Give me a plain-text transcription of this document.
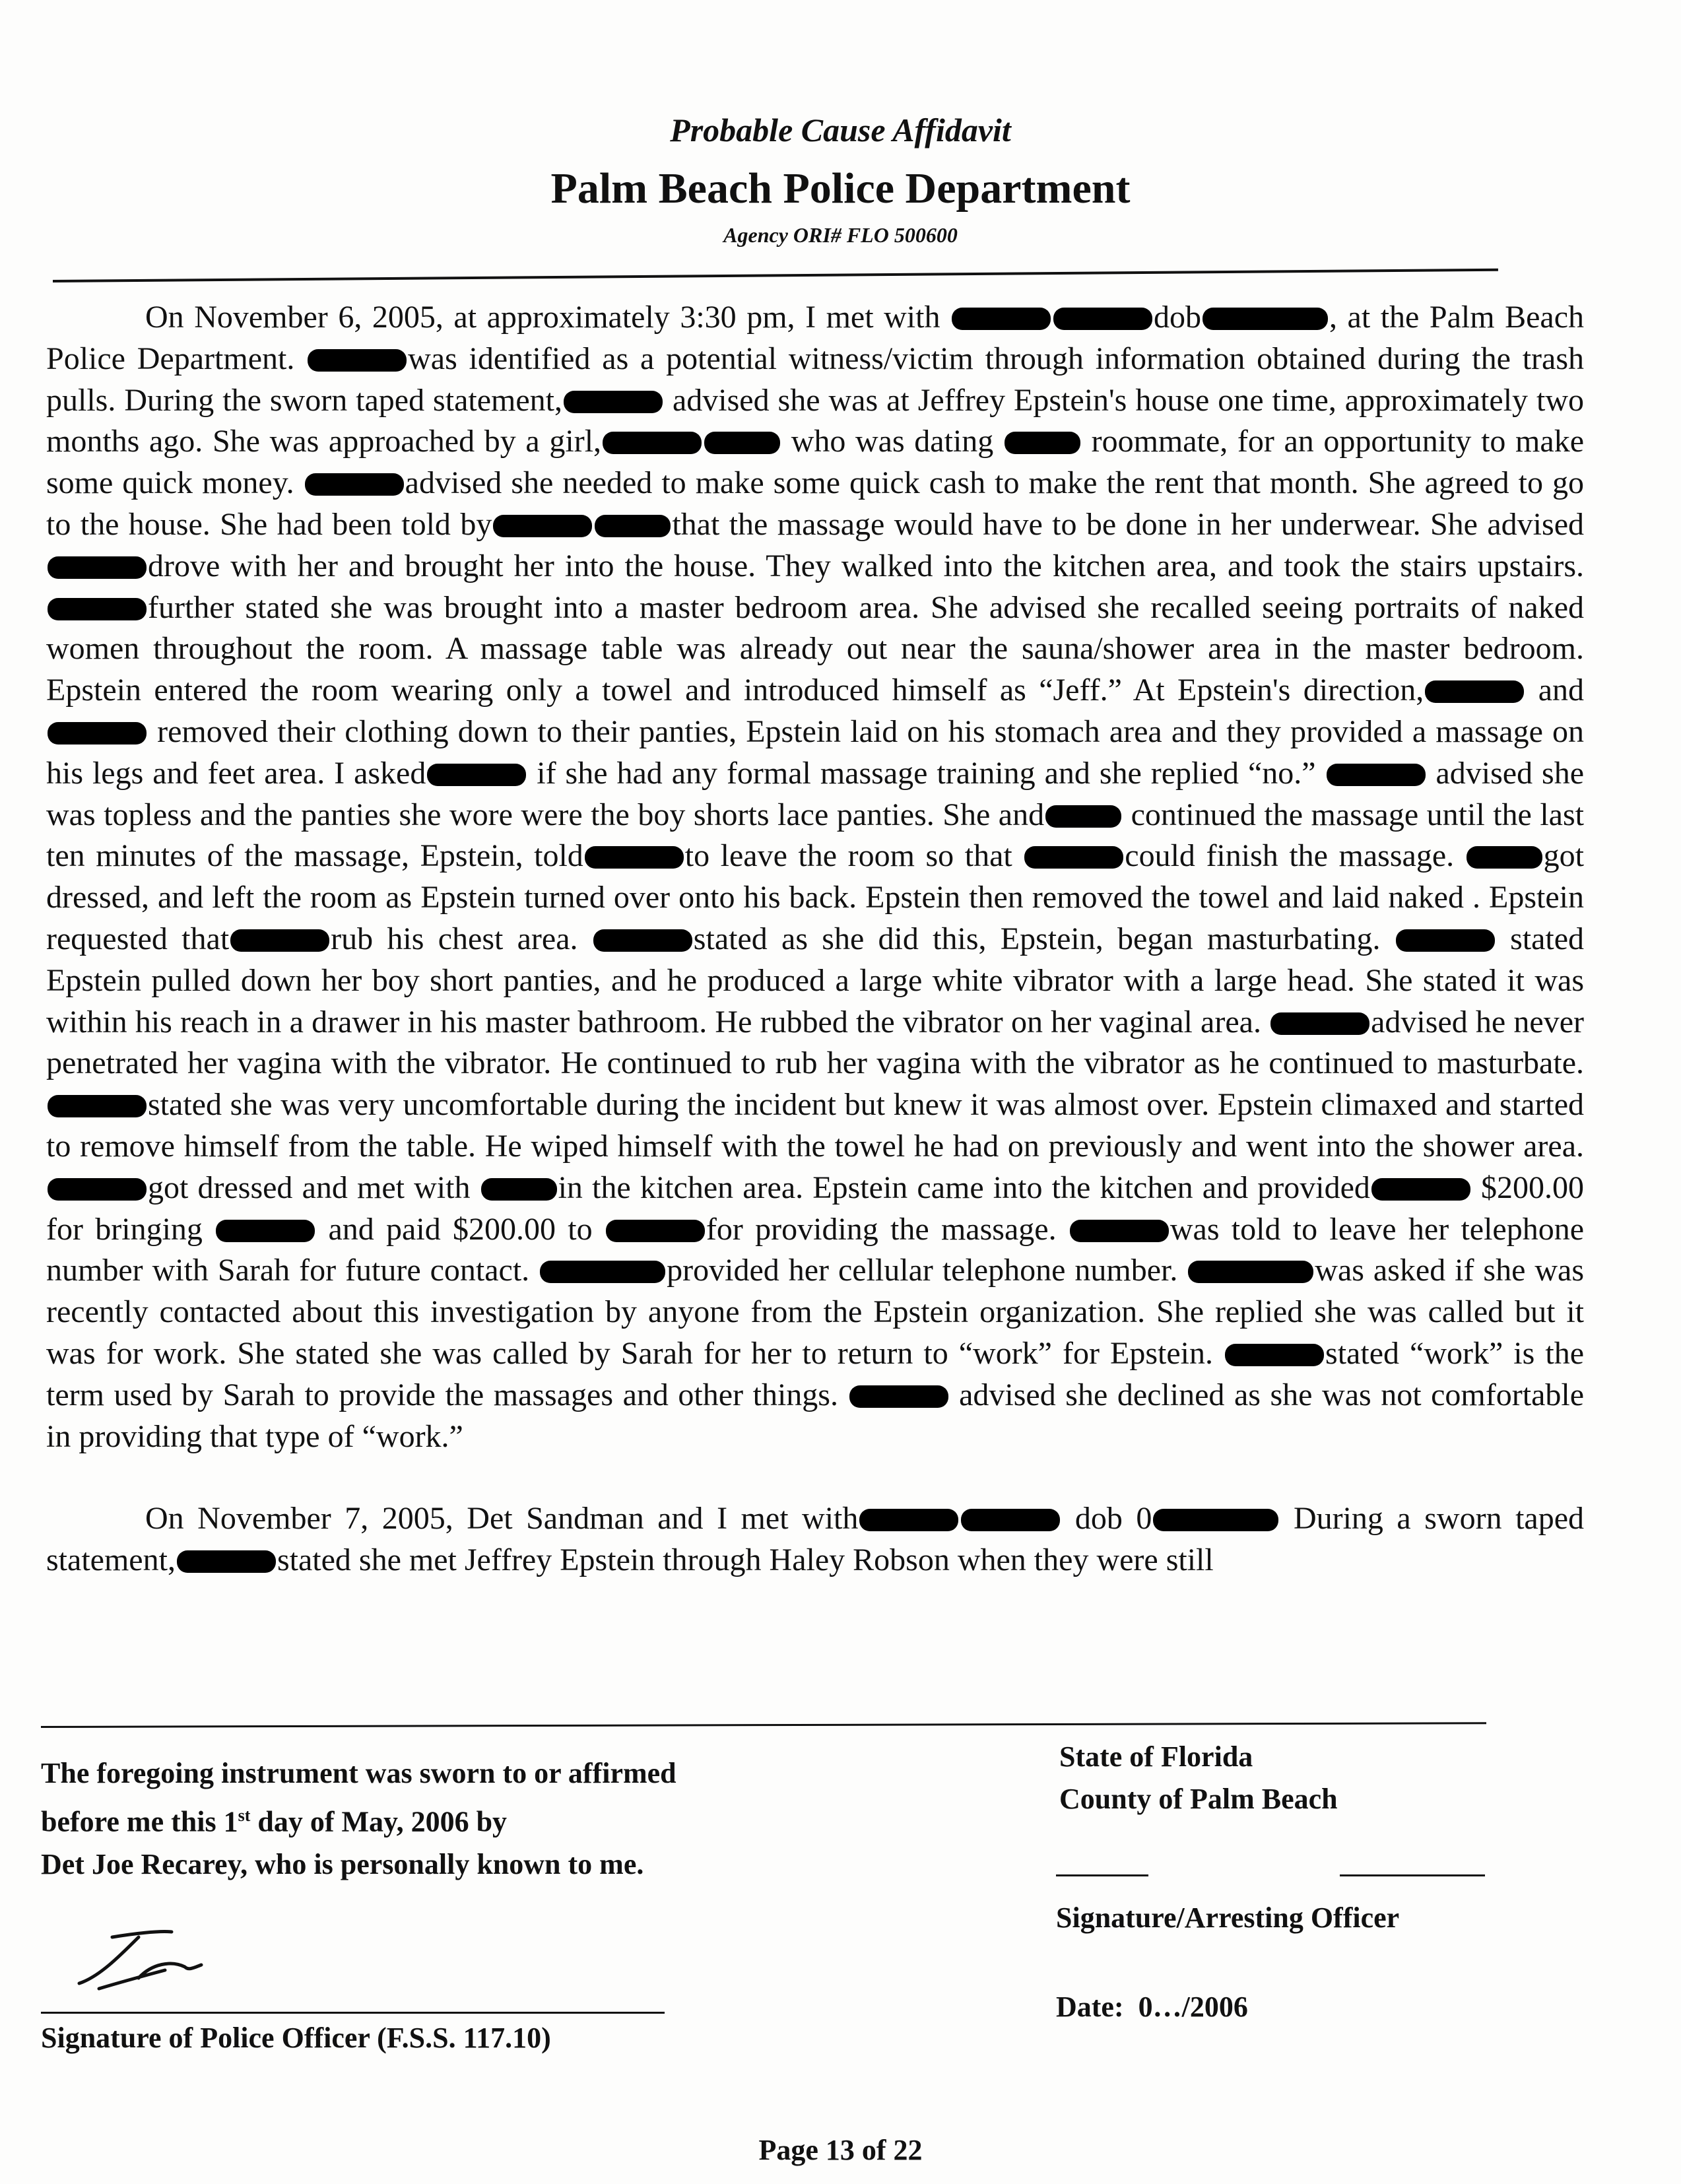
Probable Cause Affidavit
Palm Beach Police Department
Agency ORI# FLO 500600

On November 6, 2005, at approximately 3:30 pm, I met with	dob	, at the Palm Beach Police Department.	was identified as a potential witness/victim through information obtained during the trash pulls. During the sworn taped statement,	advised she was at Jeffrey Epstein's house one time, approximately two months ago. She was approached by a girl,	who was dating	roommate, for an opportunity to make some quick money.	advised she needed to make some quick cash to make the rent that month. She agreed to go to the house. She had been told by	that the massage would have to be done in her underwear. She adviseddrove with her and brought her into the house. They walked into the kitchen area, and took the stairs upstairs. further stated she was brought into a master bedroom area. She advised she recalled seeing portraits of naked women throughout the room. A massage table was already out near the sauna/shower area in the master bedroom. Epstein entered the room wearing only a towel and introduced himself as “Jeff.” At Epstein's direction,	and removed their clothing down to their panties, Epstein laid on his stomach area and they provided a massage on his legs and feet area. I asked	if she had any formal massage training and she replied “no.”	advised she was topless and the panties she wore were the boy shorts lace panties. She and	continued the massage until the last ten minutes of the massage, Epstein, told	to leave the room so that	could finish the massage.	got dressed, and left the room as Epstein turned over onto his back. Epstein then removed the towel and laid naked . Epstein requested that	rub his chest area.	stated as she did this, Epstein, began masturbating.	stated Epstein pulled down her boy short panties, and he produced a large white vibrator with a large head. She stated it was within his reach in a drawer in his master bathroom. He rubbed the vibrator on her vaginal area.	advised he never penetrated her vagina with the vibrator. He continued to rub her vagina with the vibrator as he continued to masturbate. stated she was very uncomfortable during the incident but knew it was almost over. Epstein climaxed and started to remove himself from the table. He wiped himself with the towel he had on previously and went into the shower area. got dressed and met with	in the kitchen area. Epstein came into the kitchen and provided	$200.00 for bringing	and paid $200.00 to	for providing the massage.	was told to leave her telephone number with Sarah for future contact.	provided her cellular telephone number.	was asked if she was recently contacted about this investigation by anyone from the Epstein organization. She replied she was called but it was for work. She stated she was called by Sarah for her to return to “work” for Epstein.	stated “work” is the term used by Sarah to provide the massages and other things.	advised she declined as she was not comfortable in providing that type of “work.”

On November 7, 2005, Det Sandman and I met with	dob 0	During a sworn taped statement,	stated she met Jeffrey Epstein through Haley Robson when they were still

The foregoing instrument was sworn to or affirmed
before me this 1st day of May, 2006 by
Det Joe Recarey, who is personally known to me.
State of Florida
County of Palm Beach
Signature of Police Officer (F.S.S. 117.10)
Signature/Arresting Officer
Date: 0…/2006
Page 13 of 22
